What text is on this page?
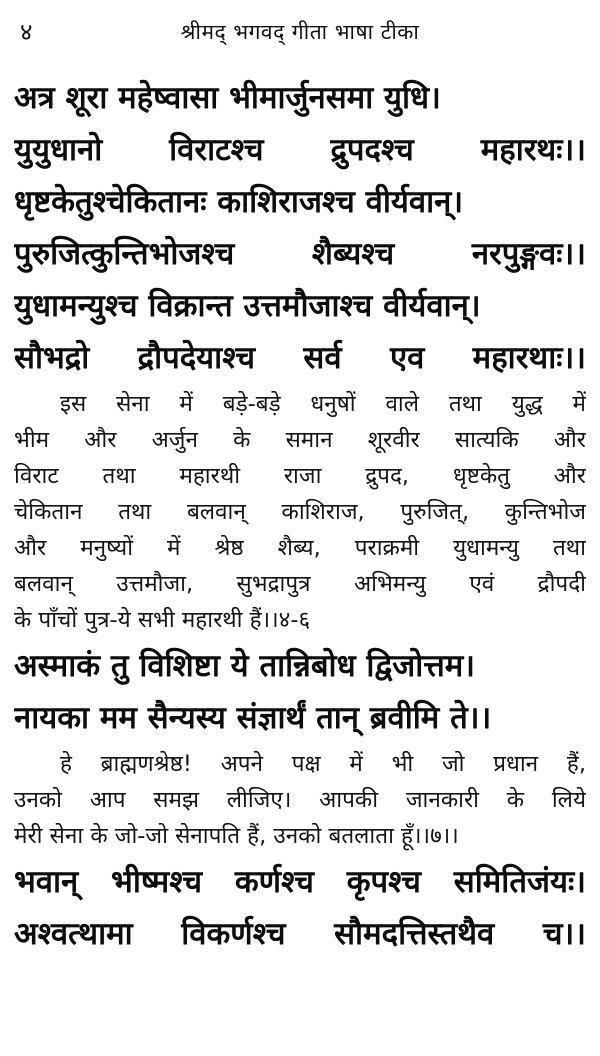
४	श्रीमद् भगवद् गीता भाषा टीका
अत्र शूरा महेष्वासा भीमार्जुनसमा युधि।
युयुधानो विराटश्च द्रुपदश्च महारथः।।
धृष्टकेतुश्चेकितानः काशिराजश्च वीर्यवान्।
पुरुजित्कुन्तिभोजश्च शैब्यश्च नरपुङ्गवः।।
युधामन्युश्च विक्रान्त उत्तमौजाश्च वीर्यवान्।
सौभद्रो द्रौपदेयाश्च सर्व एव महारथाः।।
इस सेना में बड़े-बड़े धनुषों वाले तथा युद्ध में
भीम और अर्जुन के समान शूरवीर सात्यकि और
विराट तथा महारथी राजा द्रुपद, धृष्टकेतु और
चेकितान तथा बलवान् काशिराज, पुरुजित्, कुन्तिभोज
और मनुष्यों में श्रेष्ठ शैब्य, पराक्रमी युधामन्यु तथा
बलवान् उत्तमौजा, सुभद्रापुत्र अभिमन्यु एवं द्रौपदी
के पाँचों पुत्र-ये सभी महारथी हैं।।४-६
अस्माकं तु विशिष्टा ये तान्निबोध द्विजोत्तम।
नायका मम सैन्यस्य संज्ञार्थं तान् ब्रवीमि ते।।
हे ब्राह्मणश्रेष्ठ! अपने पक्ष में भी जो प्रधान हैं,
उनको आप समझ लीजिए। आपकी जानकारी के लिये
मेरी सेना के जो-जो सेनापति हैं, उनको बतलाता हूँ।।७।।
भवान् भीष्मश्च कर्णश्च कृपश्च समितिजंयः।
अश्वत्थामा विकर्णश्च सौमदत्तिस्तथैव च।।
